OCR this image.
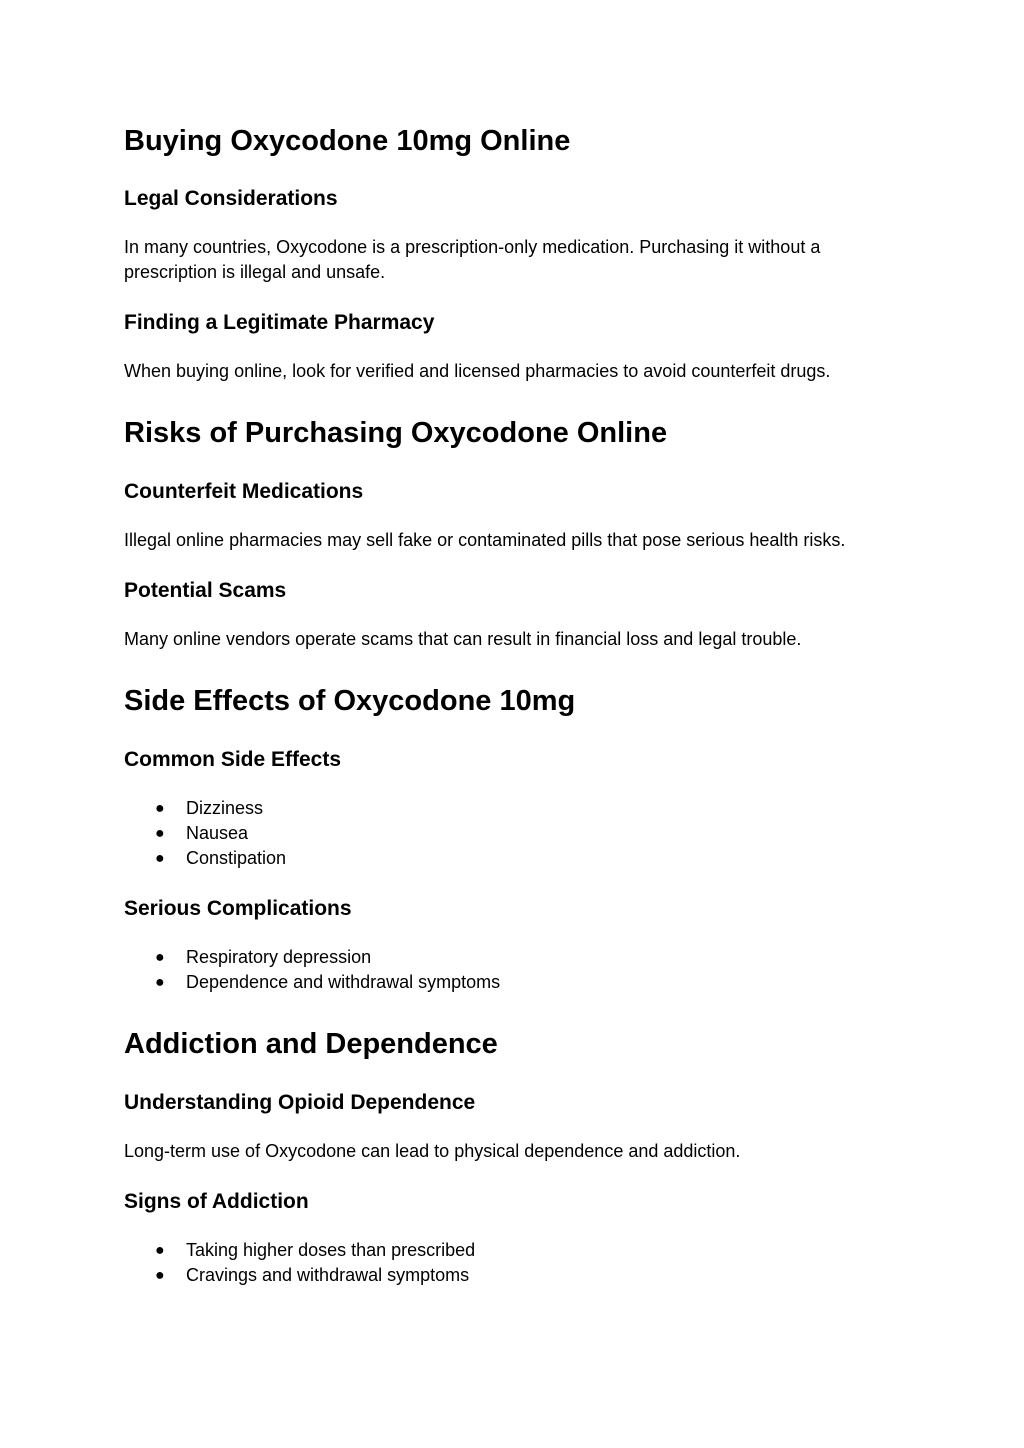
Buying Oxycodone 10mg Online
Legal Considerations

In many countries, Oxycodone is a prescription-only medication. Purchasing it without a prescription is illegal and unsafe.

Finding a Legitimate Pharmacy

When buying online, look for verified and licensed pharmacies to avoid counterfeit drugs.

Risks of Purchasing Oxycodone Online
Counterfeit Medications

Illegal online pharmacies may sell fake or contaminated pills that pose serious health risks.

Potential Scams

Many online vendors operate scams that can result in financial loss and legal trouble.

Side Effects of Oxycodone 10mg
Common Side Effects
● Dizziness
● Nausea
● Constipation
Serious Complications
● Respiratory depression
● Dependence and withdrawal symptoms
Addiction and Dependence
Understanding Opioid Dependence

Long-term use of Oxycodone can lead to physical dependence and addiction.

Signs of Addiction
● Taking higher doses than prescribed
● Cravings and withdrawal symptoms
